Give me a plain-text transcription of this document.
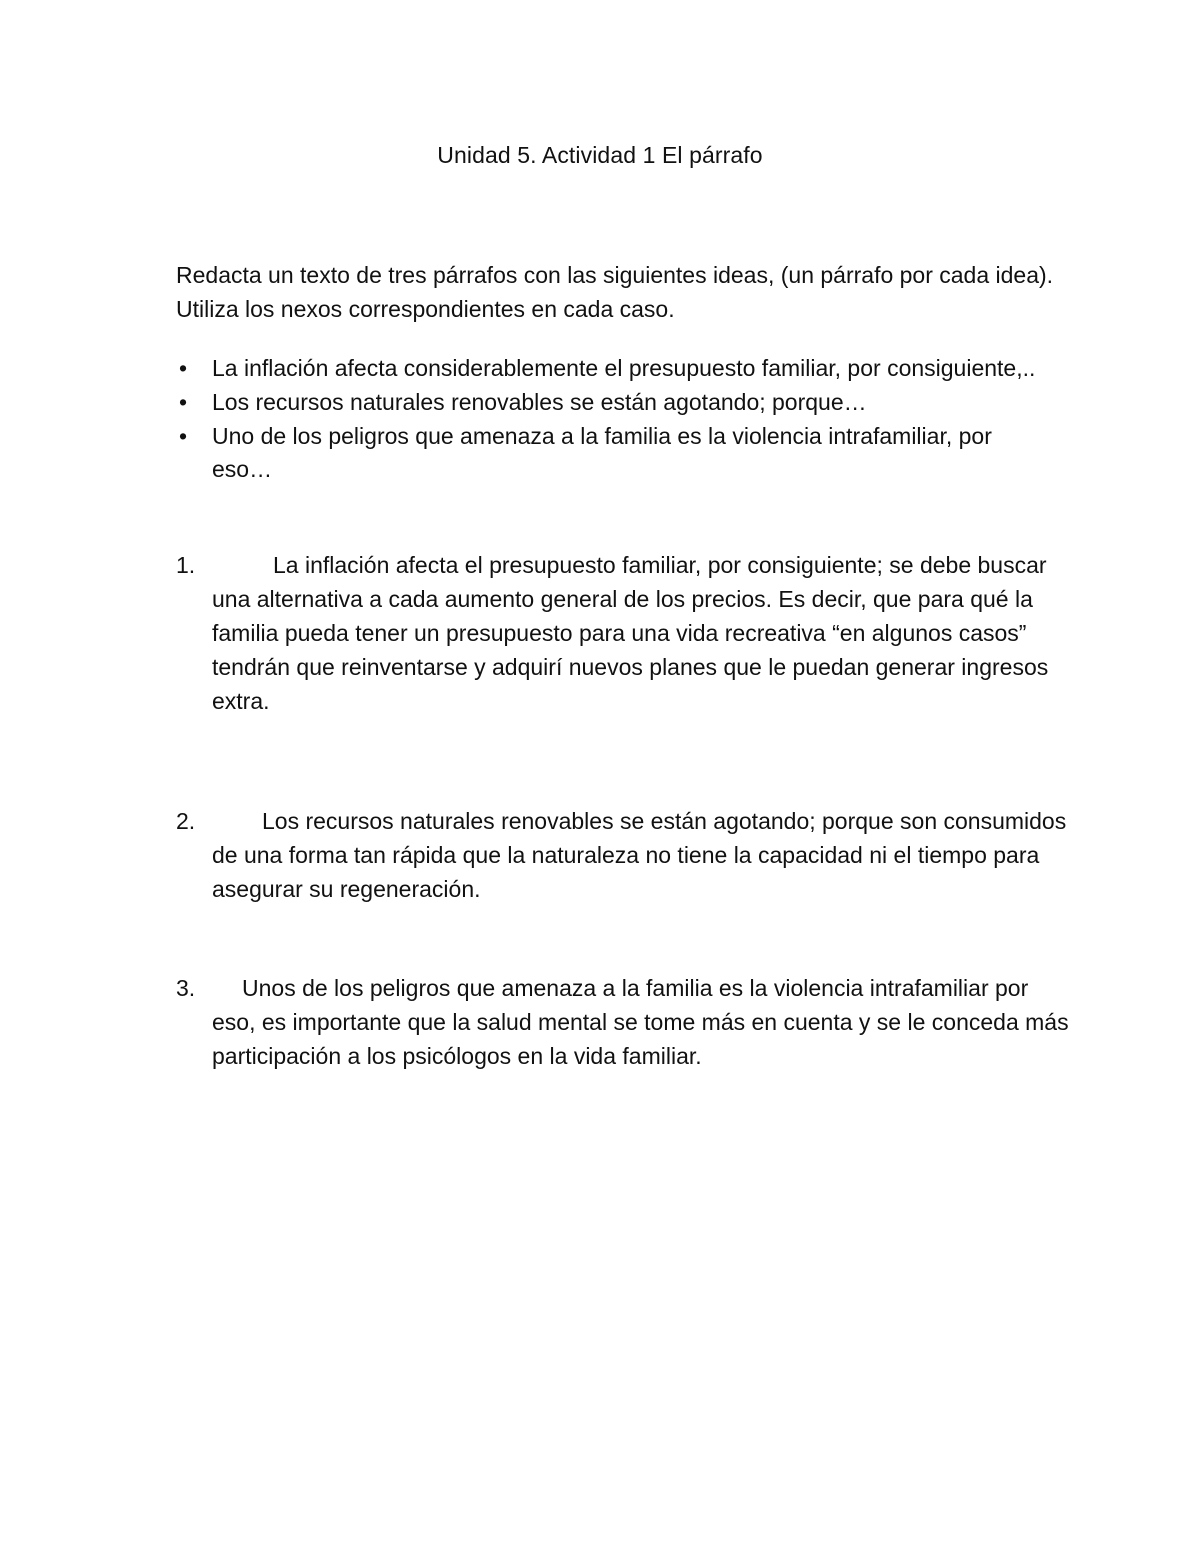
Unidad 5. Actividad 1 El párrafo
Redacta un texto de tres párrafos con las siguientes ideas, (un párrafo por cada idea). Utiliza los nexos correspondientes en cada caso.
• La inflación afecta considerablemente el presupuesto familiar, por consiguiente,..
• Los recursos naturales renovables se están agotando; porque…
• Uno de los peligros que amenaza a la familia es la violencia intrafamiliar, por eso…
1.	La inflación afecta el presupuesto familiar, por consiguiente; se debe buscar una alternativa a cada aumento general de los precios. Es decir, que para qué la familia pueda tener un presupuesto para una vida recreativa “en algunos casos” tendrán que reinventarse y adquirí nuevos planes que le puedan generar ingresos extra.
2.	Los recursos naturales renovables se están agotando; porque son consumidos de una forma tan rápida que la naturaleza no tiene la capacidad ni el tiempo para asegurar su regeneración.
3.	Unos de los peligros que amenaza a la familia es la violencia intrafamiliar por eso, es importante que la salud mental se tome más en cuenta y se le conceda más participación a los psicólogos en la vida familiar.
